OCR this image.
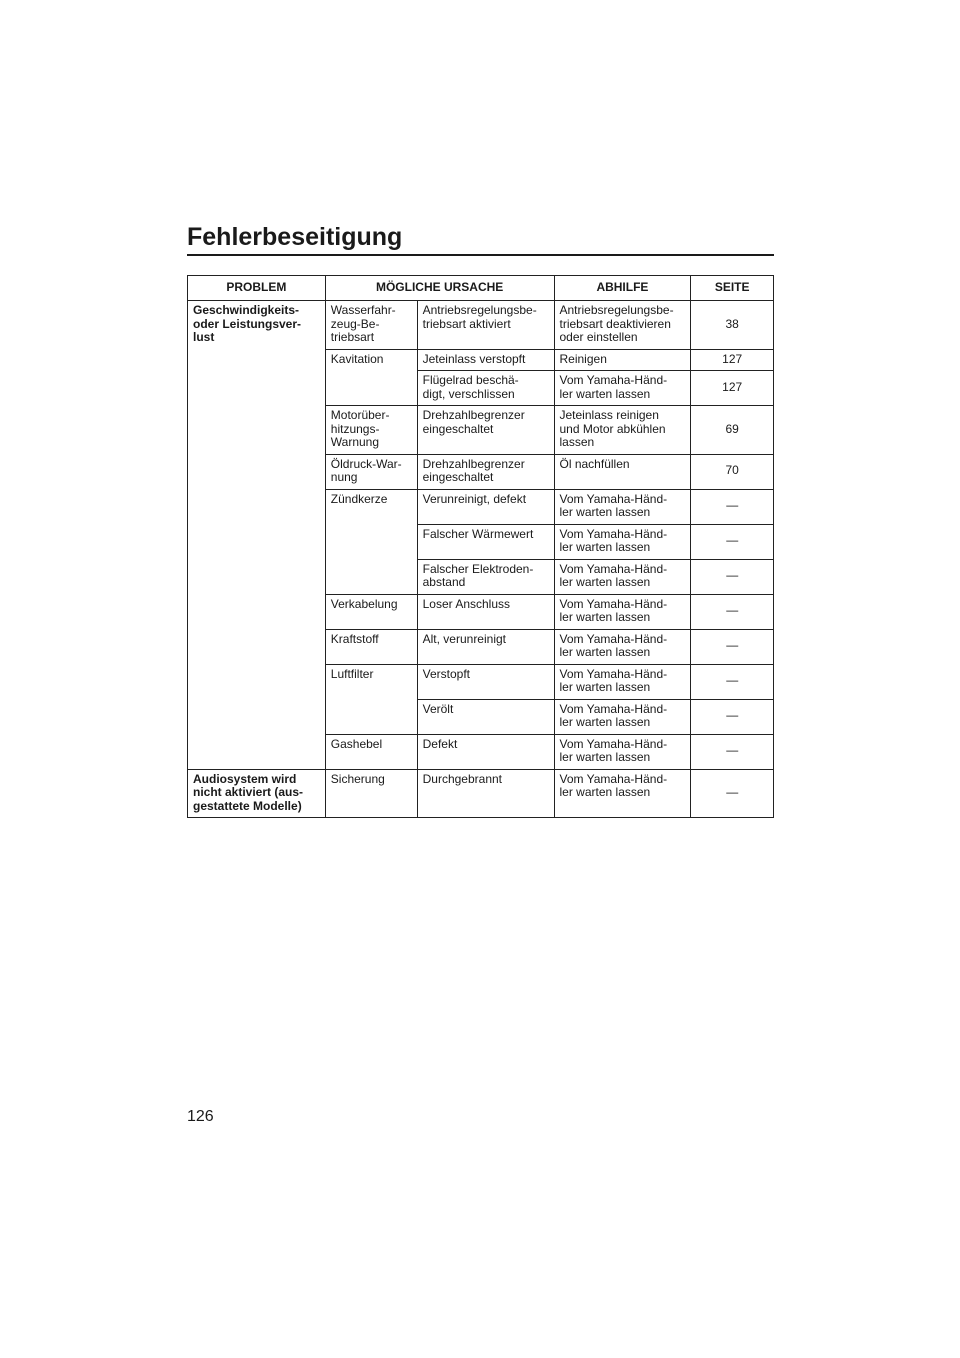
Fehlerbeseitigung
PROBLEM	MÖGLICHE URSACHE		ABHILFE	SEITE
Geschwindigkeits-
oder Leistungsver-
lust	Wasserfahr-
zeug-Be-
triebsart	Antriebsregelungsbe-
triebsart aktiviert	Antriebsregelungsbe-
triebsart deaktivieren
oder einstellen	38
	Kavitation	Jeteinlass verstopft	Reinigen	127
		Flügelrad beschä-
digt, verschlissen	Vom Yamaha-Händ-
ler warten lassen	127
	Motorüber-
hitzungs-
Warnung	Drehzahlbegrenzer
eingeschaltet	Jeteinlass reinigen
und Motor abkühlen
lassen	69
	Öldruck-War-
nung	Drehzahlbegrenzer
eingeschaltet	Öl nachfüllen	70
	Zündkerze	Verunreinigt, defekt	Vom Yamaha-Händ-
ler warten lassen	—
		Falscher Wärmewert	Vom Yamaha-Händ-
ler warten lassen	—
		Falscher Elektroden-
abstand	Vom Yamaha-Händ-
ler warten lassen	—
	Verkabelung	Loser Anschluss	Vom Yamaha-Händ-
ler warten lassen	—
	Kraftstoff	Alt, verunreinigt	Vom Yamaha-Händ-
ler warten lassen	—
	Luftfilter	Verstopft	Vom Yamaha-Händ-
ler warten lassen	—
		Verölt	Vom Yamaha-Händ-
ler warten lassen	—
	Gashebel	Defekt	Vom Yamaha-Händ-
ler warten lassen	—
Audiosystem wird
nicht aktiviert (aus-
gestattete Modelle)	Sicherung	Durchgebrannt	Vom Yamaha-Händ-
ler warten lassen	—

126
